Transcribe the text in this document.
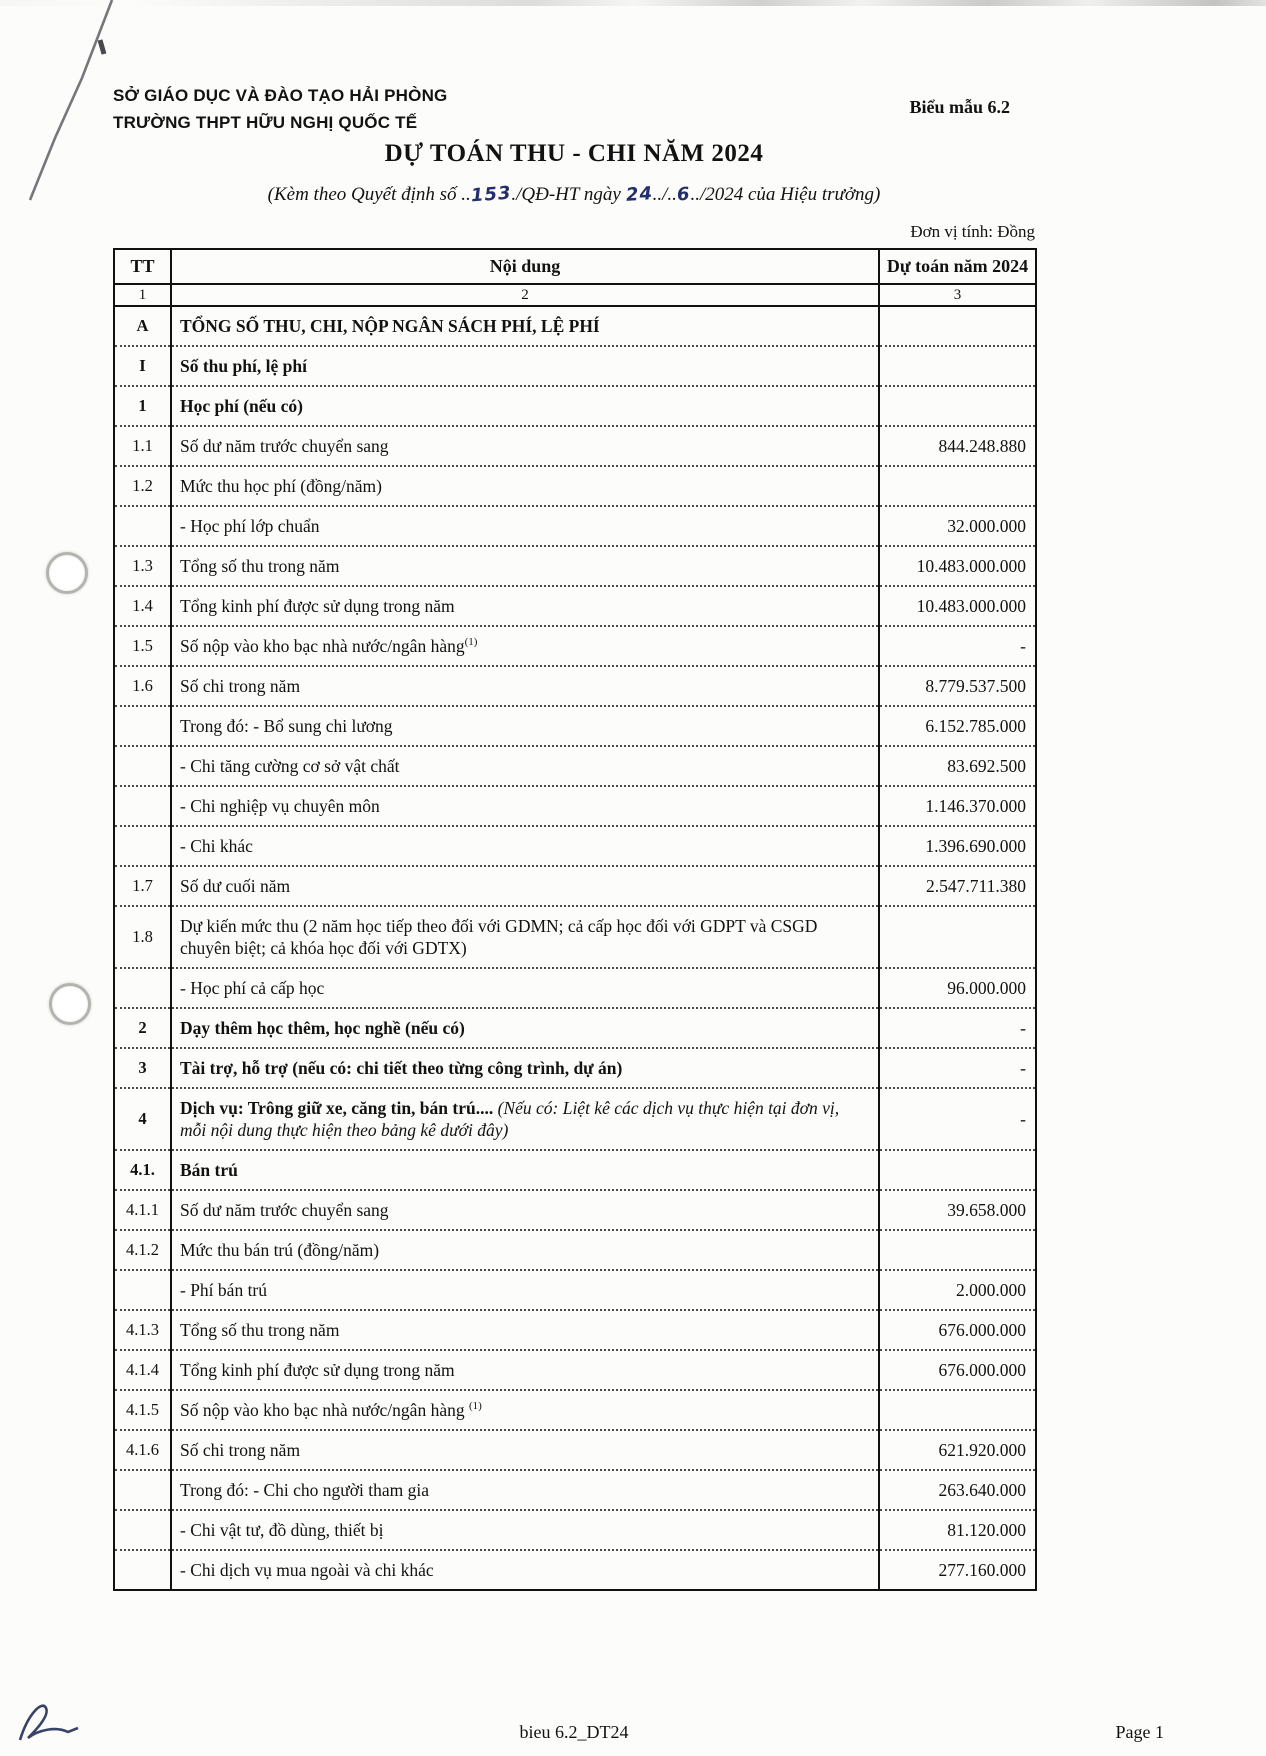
SỞ GIÁO DỤC VÀ ĐÀO TẠO HẢI PHÒNG
TRƯỜNG THPT HỮU NGHỊ QUỐC TẾ
Biểu mẫu 6.2
DỰ TOÁN THU - CHI NĂM 2024
(Kèm theo Quyết định số ..153./QĐ-HT ngày 24../..6../2024 của Hiệu trưởng)
Đơn vị tính: Đồng
TT	Nội dung	Dự toán năm 2024
1	2	3
A	TỔNG SỐ THU, CHI, NỘP NGÂN SÁCH PHÍ, LỆ PHÍ	
I	Số thu phí, lệ phí	
1	Học phí (nếu có)	
1.1	Số dư năm trước chuyển sang	844.248.880
1.2	Mức thu học phí (đồng/năm)	
	- Học phí lớp chuẩn	32.000.000
1.3	Tổng số thu trong năm	10.483.000.000
1.4	Tổng kinh phí được sử dụng trong năm	10.483.000.000
1.5	Số nộp vào kho bạc nhà nước/ngân hàng$^{(1)}$	-
1.6	Số chi trong năm	8.779.537.500
	Trong đó: - Bổ sung chi lương	6.152.785.000
	- Chi tăng cường cơ sở vật chất	83.692.500
	- Chi nghiệp vụ chuyên môn	1.146.370.000
	- Chi khác	1.396.690.000
1.7	Số dư cuối năm	2.547.711.380
1.8	Dự kiến mức thu (2 năm học tiếp theo đối với GDMN; cả cấp học đối với GDPT và CSGD chuyên biệt; cả khóa học đối với GDTX)	
	- Học phí cả cấp học	96.000.000
2	Dạy thêm học thêm, học nghề (nếu có)	-
3	Tài trợ, hỗ trợ (nếu có: chi tiết theo từng công trình, dự án)	-
4	Dịch vụ: Trông giữ xe, căng tin, bán trú.... (Nếu có: Liệt kê các dịch vụ thực hiện tại đơn vị, mỗi nội dung thực hiện theo bảng kê dưới đây)	-
4.1.	Bán trú	
4.1.1	Số dư năm trước chuyển sang	39.658.000
4.1.2	Mức thu bán trú (đồng/năm)	
	- Phí bán trú	2.000.000
4.1.3	Tổng số thu trong năm	676.000.000
4.1.4	Tổng kinh phí được sử dụng trong năm	676.000.000
4.1.5	Số nộp vào kho bạc nhà nước/ngân hàng $^{(1)}$	
4.1.6	Số chi trong năm	621.920.000
	Trong đó: - Chi cho người tham gia	263.640.000
	- Chi vật tư, đồ dùng, thiết bị	81.120.000
	- Chi dịch vụ mua ngoài và chi khác	277.160.000
bieu 6.2_DT24	Page 1
